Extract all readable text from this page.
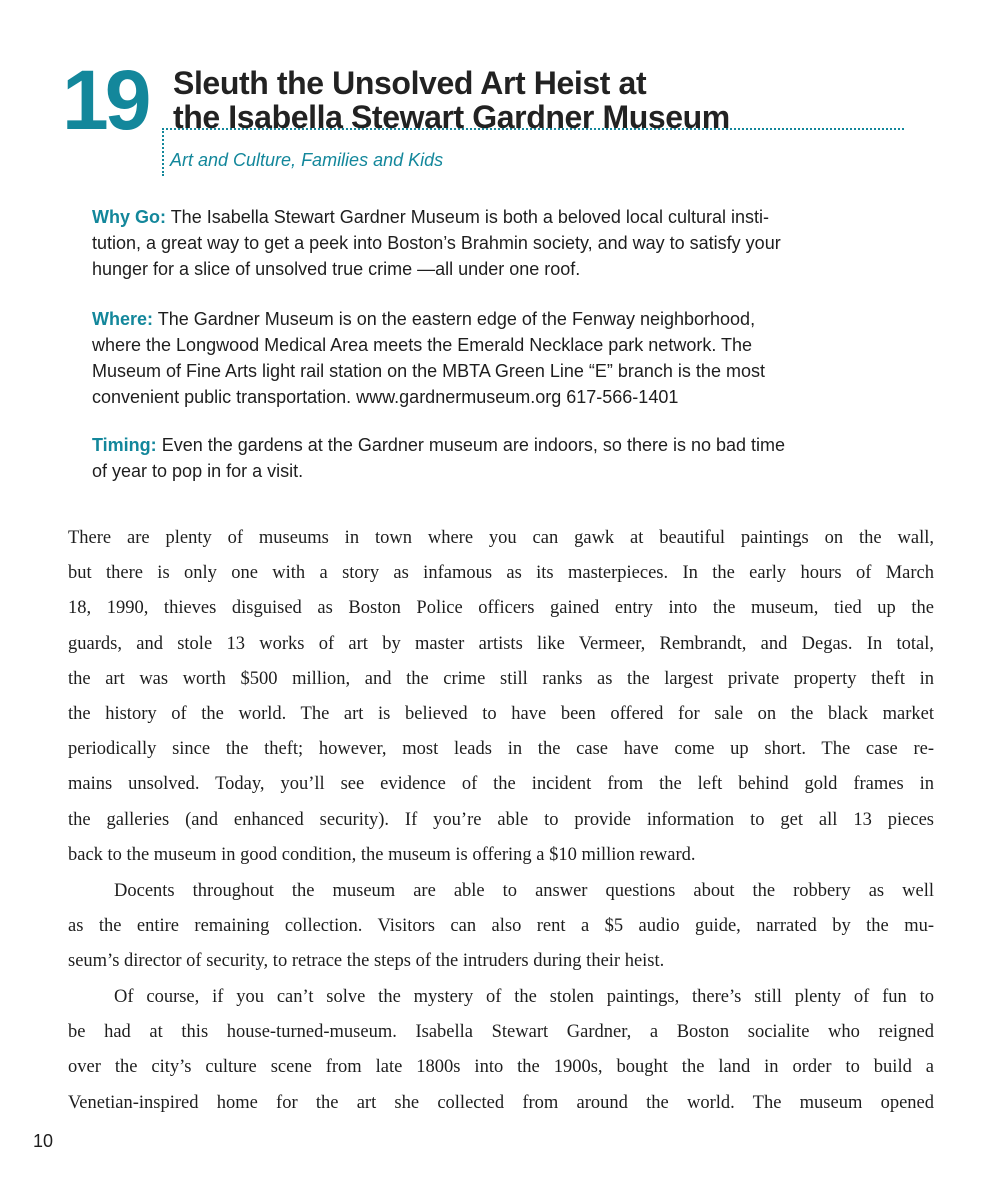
19 Sleuth the Unsolved Art Heist at
the Isabella Stewart Gardner Museum
Art and Culture, Families and Kids

Why Go: The Isabella Stewart Gardner Museum is both a beloved local cultural insti-
tution, a great way to get a peek into Boston’s Brahmin society, and way to satisfy your
hunger for a slice of unsolved true crime —all under one roof.

Where: The Gardner Museum is on the eastern edge of the Fenway neighborhood,
where the Longwood Medical Area meets the Emerald Necklace park network. The
Museum of Fine Arts light rail station on the MBTA Green Line “E” branch is the most
convenient public transportation. www.gardnermuseum.org 617-566-1401

Timing: Even the gardens at the Gardner museum are indoors, so there is no bad time
of year to pop in for a visit.

There are plenty of museums in town where you can gawk at beautiful paintings on the wall,
but there is only one with a story as infamous as its masterpieces. In the early hours of March
18, 1990, thieves disguised as Boston Police officers gained entry into the museum, tied up the
guards, and stole 13 works of art by master artists like Vermeer, Rembrandt, and Degas. In total,
the art was worth $500 million, and the crime still ranks as the largest private property theft in
the history of the world. The art is believed to have been offered for sale on the black market
periodically since the theft; however, most leads in the case have come up short. The case re-
mains unsolved. Today, you’ll see evidence of the incident from the left behind gold frames in
the galleries (and enhanced security). If you’re able to provide information to get all 13 pieces
back to the museum in good condition, the museum is offering a $10 million reward.
Docents throughout the museum are able to answer questions about the robbery as well
as the entire remaining collection. Visitors can also rent a $5 audio guide, narrated by the mu-
seum’s director of security, to retrace the steps of the intruders during their heist.
Of course, if you can’t solve the mystery of the stolen paintings, there’s still plenty of fun to
be had at this house-turned-museum. Isabella Stewart Gardner, a Boston socialite who reigned
over the city’s culture scene from late 1800s into the 1900s, bought the land in order to build a
Venetian-inspired home for the art she collected from around the world. The museum opened
10
